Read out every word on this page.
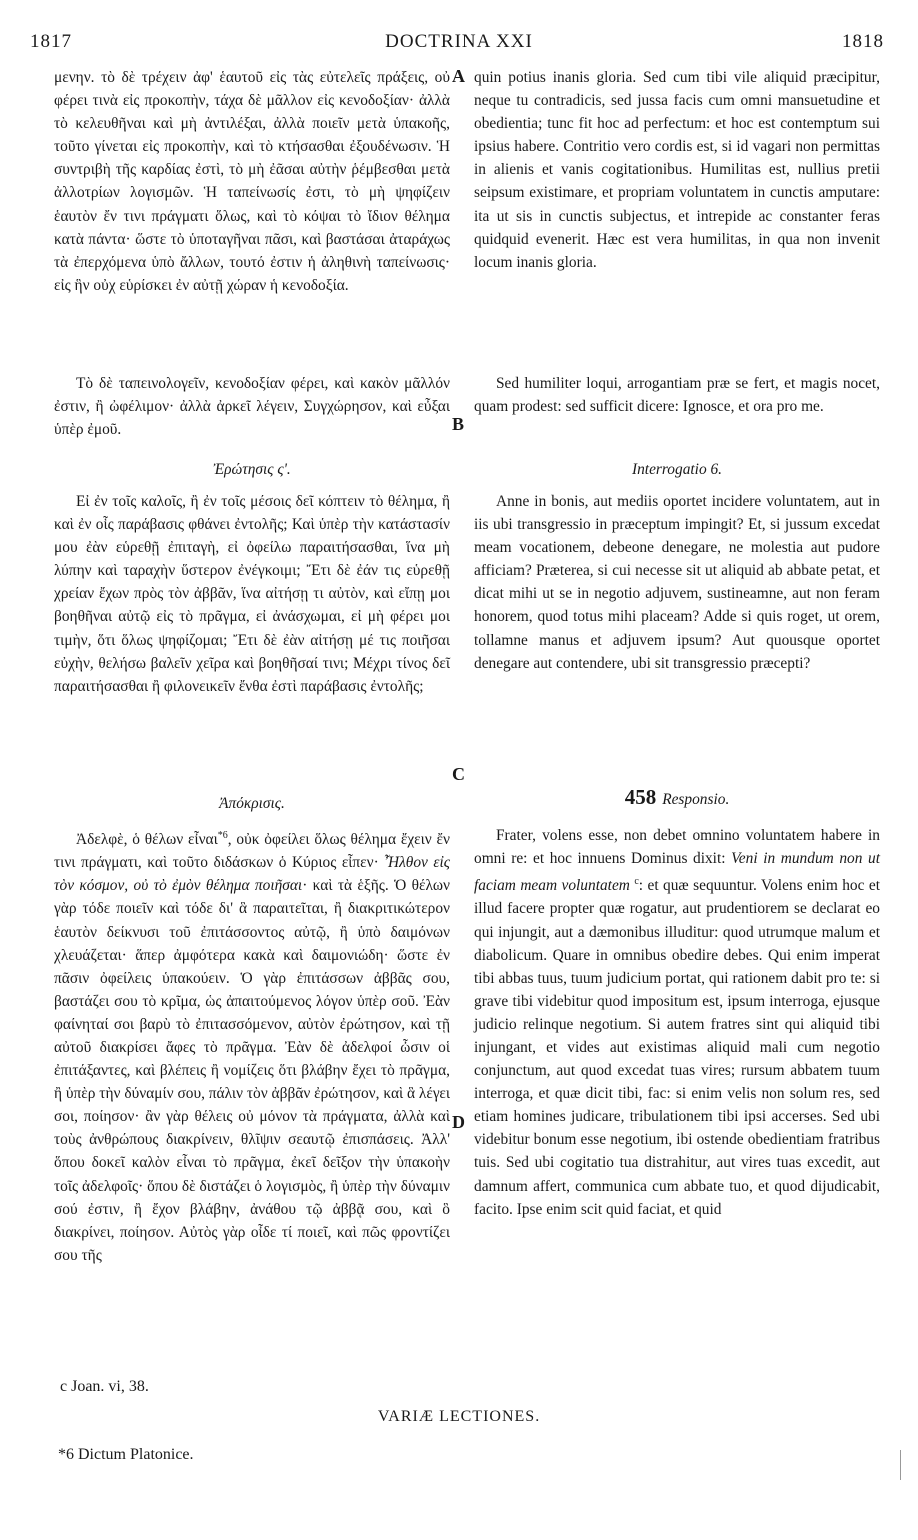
1817	DOCTRINA XXI	1818
A
B
C
D

μενην. τὸ δὲ τρέχειν ἀφ' ἑαυτοῦ εἰς τὰς εὐτελεῖς πράξεις, οὐ φέρει τινὰ εἰς προκοπὴν, τάχα δὲ μᾶλλον εἰς κενοδοξίαν· ἀλλὰ τὸ κελευθῆναι καὶ μὴ ἀντιλέξαι, ἀλλὰ ποιεῖν μετὰ ὑπακοῆς, τοῦτο γίνεται εἰς προκοπὴν, καὶ τὸ κτήσασθαι ἐξουδένωσιν. Ἡ συντριβὴ τῆς καρδίας ἐστὶ, τὸ μὴ ἐᾶσαι αὐτὴν ῥέμβεσθαι μετὰ ἀλλοτρίων λογισμῶν. Ἡ ταπείνωσίς ἐστι, τὸ μὴ ψηφίζειν ἑαυτὸν ἔν τινι πράγματι ὅλως, καὶ τὸ κόψαι τὸ ἴδιον θέλημα κατὰ πάντα· ὥστε τὸ ὑποταγῆναι πᾶσι, καὶ βαστάσαι ἀταράχως τὰ ἐπερχόμενα ὑπὸ ἄλλων, τουτό ἐστιν ἡ ἀληθινὴ ταπείνωσις· εἰς ἣν οὐχ εὑρίσκει ἐν αὐτῇ χώραν ἡ κενοδοξία.

Τὸ δὲ ταπεινολογεῖν, κενοδοξίαν φέρει, καὶ κακὸν μᾶλλόν ἐστιν, ἢ ὠφέλιμον· ἀλλὰ ἀρκεῖ λέγειν, Συγχώρησον, καὶ εὖξαι ὑπὲρ ἐμοῦ.

Ἐρώτησις ς'.

Εἰ ἐν τοῖς καλοῖς, ἢ ἐν τοῖς μέσοις δεῖ κόπτειν τὸ θέλημα, ἢ καὶ ἐν οἷς παράβασις φθάνει ἐντολῆς; Καὶ ὑπὲρ τὴν κατάστασίν μου ἐὰν εὑρεθῇ ἐπιταγὴ, εἰ ὀφείλω παραιτήσασθαι, ἵνα μὴ λύπην καὶ ταραχὴν ὕστερον ἐνέγκοιμι; Ἔτι δὲ ἐάν τις εὑρεθῇ χρείαν ἔχων πρὸς τὸν ἀββᾶν, ἵνα αἰτήσῃ τι αὐτὸν, καὶ εἴπῃ μοι βοηθῆναι αὐτῷ εἰς τὸ πρᾶγμα, εἰ ἀνάσχωμαι, εἰ μὴ φέρει μοι τιμὴν, ὅτι ὅλως ψηφίζομαι; Ἔτι δὲ ἐὰν αἰτήσῃ μέ τις ποιῆσαι εὐχὴν, θελήσω βαλεῖν χεῖρα καὶ βοηθῆσαί τινι; Μέχρι τίνος δεῖ παραιτήσασθαι ἢ φιλονεικεῖν ἔνθα ἐστὶ παράβασις ἐντολῆς;

Ἀπόκρισις.

Ἀδελφὲ, ὁ θέλων εἶναι$^{*6}$, οὐκ ὀφείλει ὅλως θέλημα ἔχειν ἔν τινι πράγματι, καὶ τοῦτο διδάσκων ὁ Κύριος εἶπεν· Ἦλθον εἰς τὸν κόσμον, οὐ τὸ ἐμὸν θέλημα ποιῆσαι· καὶ τὰ ἑξῆς. Ὁ θέλων γὰρ τόδε ποιεῖν καὶ τόδε δι' ἃ παραιτεῖται, ἢ διακριτικώτερον ἑαυτὸν δείκνυσι τοῦ ἐπιτάσσοντος αὐτῷ, ἢ ὑπὸ δαιμόνων χλευάζεται· ἅπερ ἀμφότερα κακὰ καὶ δαιμονιώδη· ὥστε ἐν πᾶσιν ὀφείλεις ὑπακούειν. Ὁ γὰρ ἐπιτάσσων ἀββᾶς σου, βαστάζει σου τὸ κρῖμα, ὡς ἀπαιτούμενος λόγον ὑπὲρ σοῦ. Ἐὰν φαίνηταί σοι βαρὺ τὸ ἐπιτασσόμενον, αὐτὸν ἐρώτησον, καὶ τῇ αὐτοῦ διακρίσει ἄφες τὸ πρᾶγμα. Ἐὰν δὲ ἀδελφοί ὦσιν οἱ ἐπιτάξαντες, καὶ βλέπεις ἢ νομίζεις ὅτι βλάβην ἔχει τὸ πρᾶγμα, ἢ ὑπὲρ τὴν δύναμίν σου, πάλιν τὸν ἀββᾶν ἐρώτησον, καὶ ἃ λέγει σοι, ποίησον· ἂν γὰρ θέλεις οὐ μόνον τὰ πράγματα, ἀλλὰ καὶ τοὺς ἀνθρώπους διακρίνειν, θλῖψιν σεαυτῷ ἐπισπάσεις. Ἀλλ' ὅπου δοκεῖ καλὸν εἶναι τὸ πρᾶγμα, ἐκεῖ δεῖξον τὴν ὑπακοὴν τοῖς ἀδελφοῖς· ὅπου δὲ διστάζει ὁ λογισμὸς, ἢ ὑπὲρ τὴν δύναμιν σού ἐστιν, ἢ ἔχον βλάβην, ἀνάθου τῷ ἀββᾷ σου, καὶ ὃ διακρίνει, ποίησον. Αὐτὸς γὰρ οἶδε τί ποιεῖ, καὶ πῶς φροντίζει σου τῆς

quin potius inanis gloria. Sed cum tibi vile aliquid præcipitur, neque tu contradicis, sed jussa facis cum omni mansuetudine et obedientia; tunc fit hoc ad perfectum: et hoc est contemptum sui ipsius habere. Contritio vero cordis est, si id vagari non permittas in alienis et vanis cogitationibus. Humilitas est, nullius pretii seipsum existimare, et propriam voluntatem in cunctis amputare: ita ut sis in cunctis subjectus, et intrepide ac constanter feras quidquid evenerit. Hæc est vera humilitas, in qua non invenit locum inanis gloria.

Sed humiliter loqui, arrogantiam præ se fert, et magis nocet, quam prodest: sed sufficit dicere: Ignosce, et ora pro me.

Interrogatio 6.

Anne in bonis, aut mediis oportet incidere voluntatem, aut in iis ubi transgressio in præceptum impingit? Et, si jussum excedat meam vocationem, debeone denegare, ne molestia aut pudore afficiam? Præterea, si cui necesse sit ut aliquid ab abbate petat, et dicat mihi ut se in negotio adjuvem, sustineamne, aut non feram honorem, quod totus mihi placeam? Adde si quis roget, ut orem, tollamne manus et adjuvem ipsum? Aut quousque oportet denegare aut contendere, ubi sit transgressio præcepti?

458 Responsio.

Frater, volens esse, non debet omnino voluntatem habere in omni re: et hoc innuens Dominus dixit: Veni in mundum non ut faciam meam voluntatem $^c$: et quæ sequuntur. Volens enim hoc et illud facere propter quæ rogatur, aut prudentiorem se declarat eo qui injungit, aut a dæmonibus illuditur: quod utrumque malum et diabolicum. Quare in omnibus obedire debes. Qui enim imperat tibi abbas tuus, tuum judicium portat, qui rationem dabit pro te: si grave tibi videbitur quod impositum est, ipsum interroga, ejusque judicio relinque negotium. Si autem fratres sint qui aliquid tibi injungant, et vides aut existimas aliquid mali cum negotio conjunctum, aut quod excedat tuas vires; rursum abbatem tuum interroga, et quæ dicit tibi, fac: si enim velis non solum res, sed etiam homines judicare, tribulationem tibi ipsi accerses. Sed ubi videbitur bonum esse negotium, ibi ostende obedientiam fratribus tuis. Sed ubi cogitatio tua distrahitur, aut vires tuas excedit, aut damnum affert, communica cum abbate tuo, et quod dijudicabit, facito. Ipse enim scit quid faciat, et quid

c Joan. vi, 38.
VARIÆ LECTIONES.
*6 Dictum Platonice.
